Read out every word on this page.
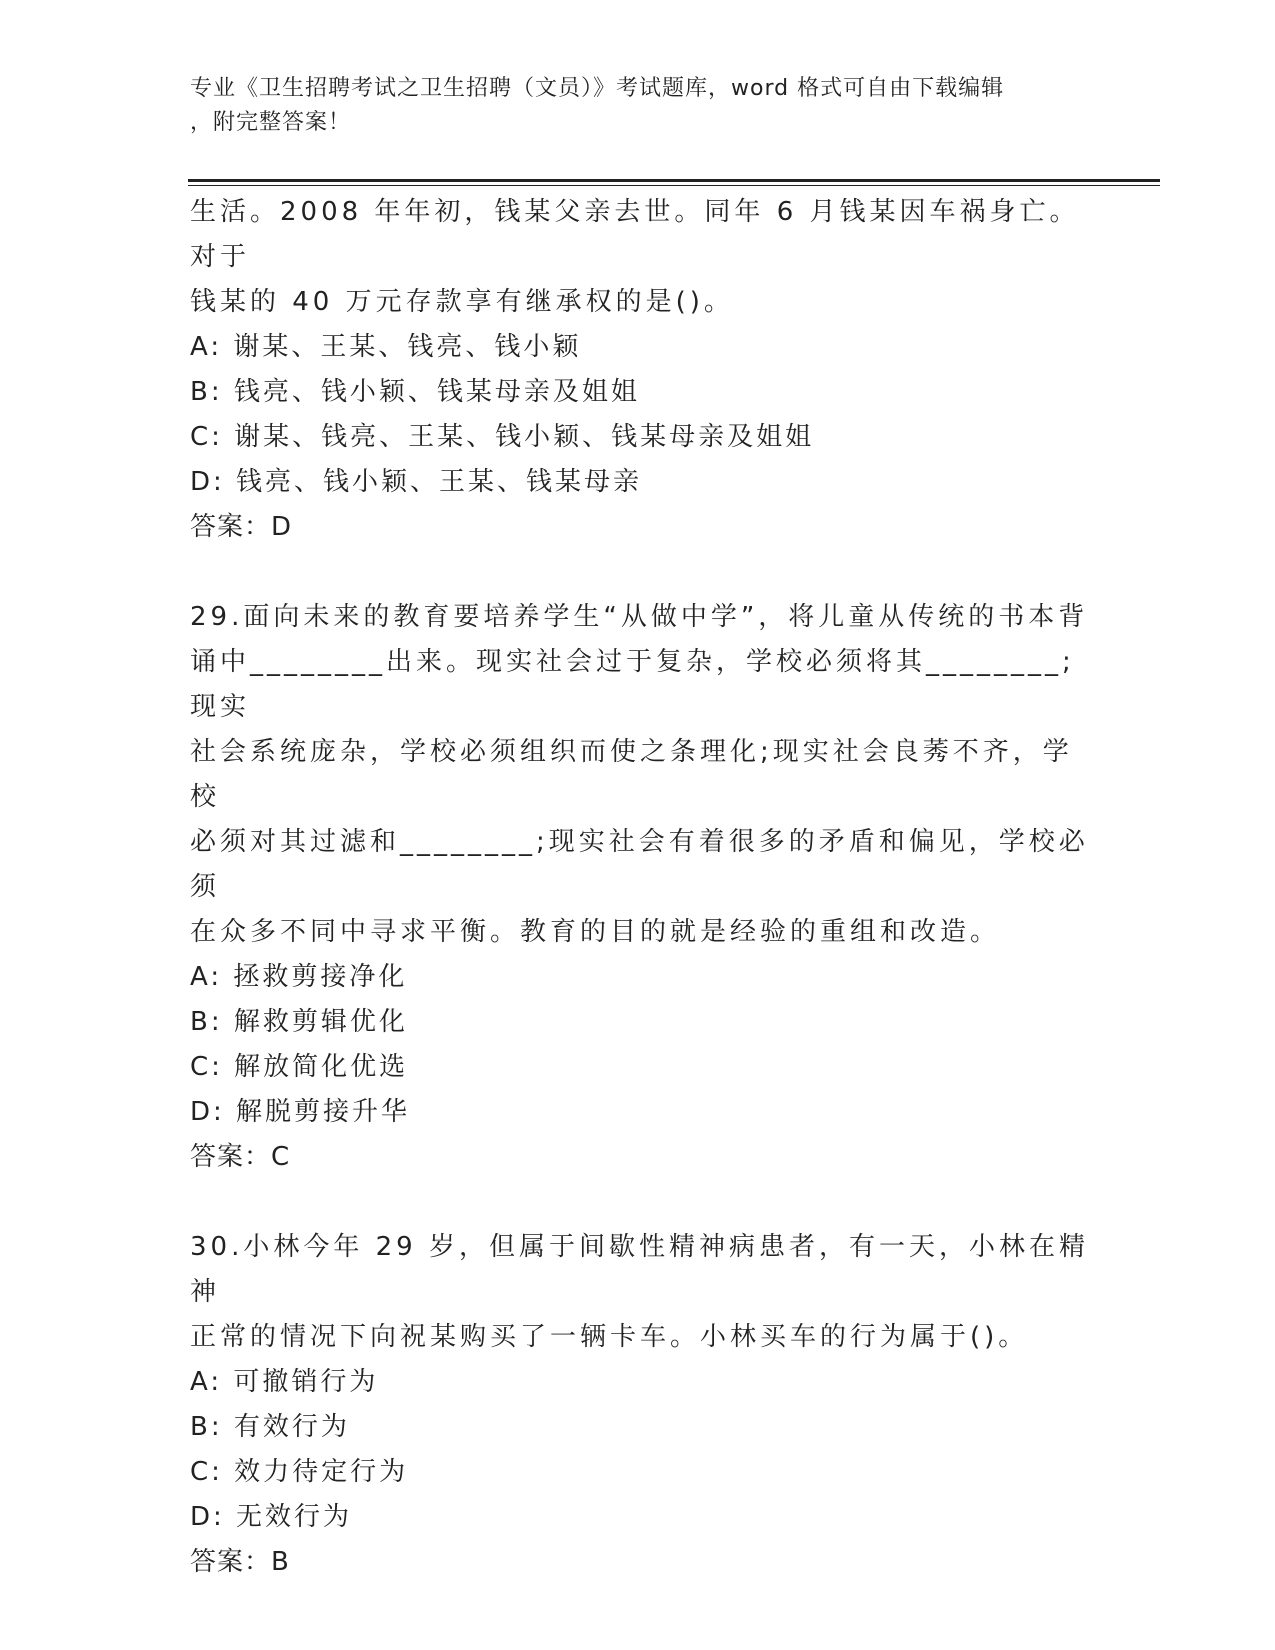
专业《卫生招聘考试之卫生招聘（文员）》考试题库，word 格式可自由下载编辑
，附完整答案！

生活。2008 年年初，钱某父亲去世。同年 6 月钱某因车祸身亡。对于

钱某的 40 万元存款享有继承权的是()。

A: 谢某、王某、钱亮、钱小颖

B: 钱亮、钱小颖、钱某母亲及姐姐

C: 谢某、钱亮、王某、钱小颖、钱某母亲及姐姐

D: 钱亮、钱小颖、王某、钱某母亲

答案：D

29.面向未来的教育要培养学生“从做中学”，将儿童从传统的书本背

诵中________出来。现实社会过于复杂，学校必须将其________;现实

社会系统庞杂，学校必须组织而使之条理化;现实社会良莠不齐，学校

必须对其过滤和________;现实社会有着很多的矛盾和偏见，学校必须

在众多不同中寻求平衡。教育的目的就是经验的重组和改造。

A: 拯救剪接净化

B: 解救剪辑优化

C: 解放简化优选

D: 解脱剪接升华

答案：C

30.小林今年 29 岁，但属于间歇性精神病患者，有一天，小林在精神

正常的情况下向祝某购买了一辆卡车。小林买车的行为属于()。

A: 可撤销行为

B: 有效行为

C: 效力待定行为

D: 无效行为

答案：B
